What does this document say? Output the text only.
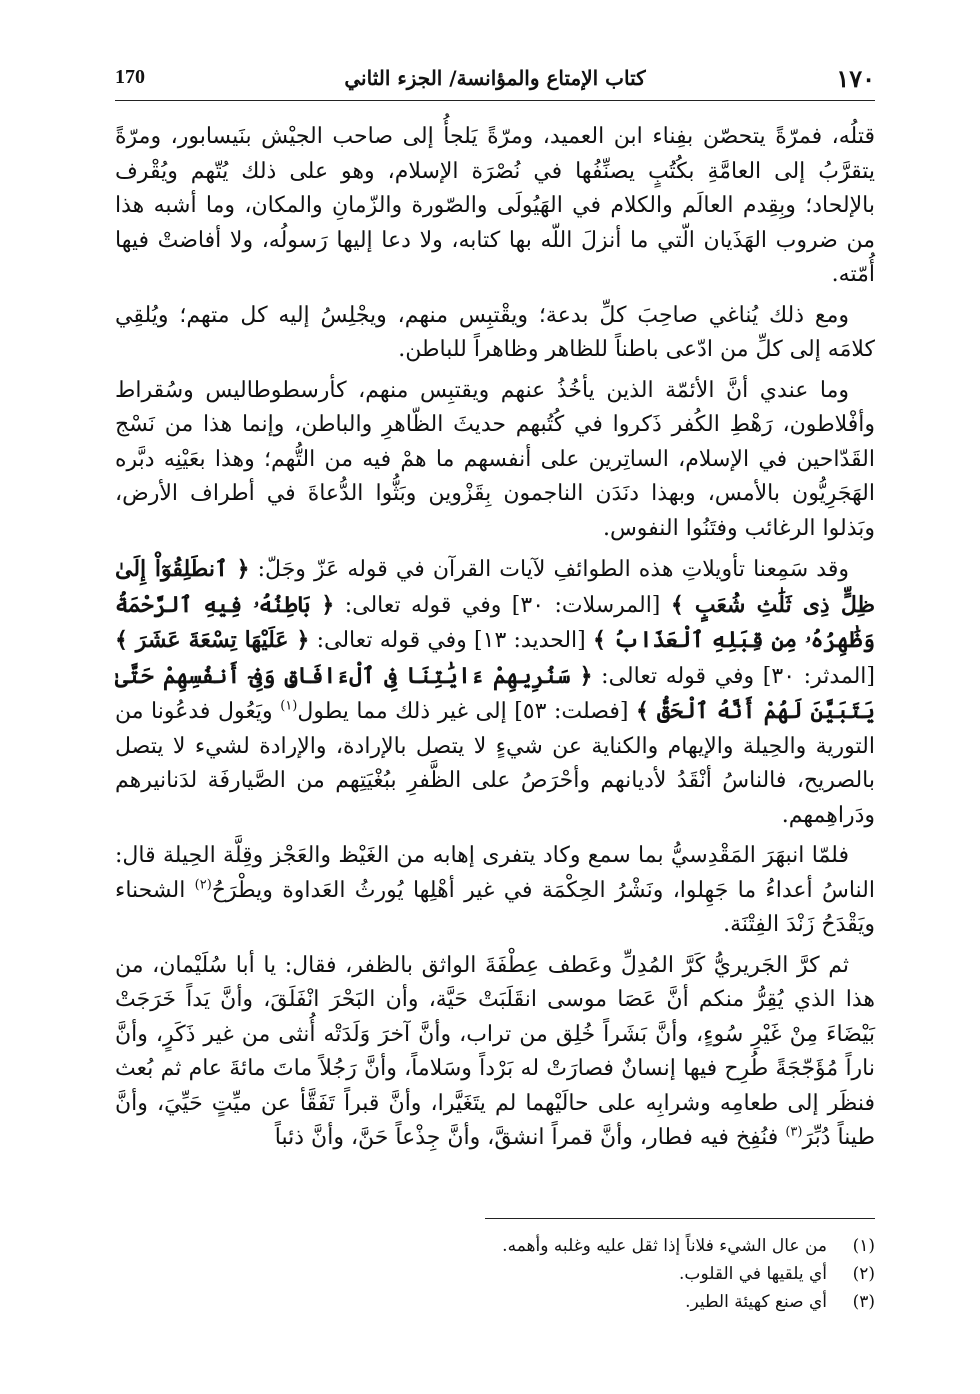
١٧٠
كتاب الإمتاع والمؤانسة/ الجزء الثاني
170

قتلُه، فمرّةً يتحصّن بفِناء ابن العميد، ومرّةً يَلجأُ إلى صاحب الجيْش بنَيسابور، ومرّةً يتقرَّبُ إلى العامَّةِ بكُتُبٍ يصنِّفُها في نُصْرَة الإسلام، وهو على ذلك يُتّهم ويُقْرف بالإلحاد؛ وبِقِدم العالَم والكلام في الهَيُولَى والصّورة والزّمانِ والمكان، وما أشبه هذا من ضروب الهَذَيان الّتي ما أنزلَ اللّه بها كتابه، ولا دعا إليها رَسولُه، ولا أفاضتْ فيها أُمّته.

ومع ذلك يُناغي صاحِبَ كلِّ بدعة؛ ويقْتبِس منهم، ويجْلِسُ إليه كل متهم؛ ويُلقِي كلامَه إلى كلِّ من ادّعى باطناً للظاهر وظاهراً للباطن.

وما عندي أنَّ الأئمّة الذين يأخُذُ عنهم ويقتبِس منهم، كأرسطوطاليس وسُقراط وأفْلاطون، رَهْطِ الكُفر ذَكروا في كُتُبهم حديثَ الظّاهرِ والباطن، وإنما هذا من نَسْج القَدّاحين في الإسلام، الساتِرين على أنفسهم ما همْ فيه من التُّهم؛ وهذا بعَيْنِه دبَّره الهَجَرِيُّون بالأمس، وبهذا دنَدَن الناجمون بِقَزْوين وبَثُّوا الدُّعاةَ في أطراف الأرض، وبَذلوا الرغائب وفتَنُوا النفوس.

وقد سَمِعنا تأويلاتِ هذه الطوائفِ لآيات القرآن في قوله عَزّ وجَلّ: ﴿ ٱنطَلِقُوٓاْ إِلَىٰ ظِلٍّ ذِى ثَلَٰثِ شُعَبٍ ﴾ [المرسلات: ٣٠] وفي قوله تعالى: ﴿ بَاطِنُهُۥ فِيهِ ٱلرَّحْمَةُ وَظَٰهِرُهُۥ مِن قِبَلِهِ ٱلْعَذَابُ ﴾ [الحديد: ١٣] وفي قوله تعالى: ﴿ عَلَيْهَا تِسْعَةَ عَشَرَ ﴾ [المدثر: ٣٠] وفي قوله تعالى: ﴿ سَنُرِيهِمْ ءَايَٰتِنَا فِى ٱلْءَافَاقِ وَفِىٓ أَنفُسِهِمْ حَتَّىٰ يَتَبَيَّنَ لَهُمْ أَنَّهُ ٱلْحَقُّ ﴾ [فصلت: ٥٣] إلى غير ذلك مما يطول$^{(١)}$ ويَعُول فدعُونا من التورية والحِيلة والإيهام والكناية عن شيءٍ لا يتصل بالإرادة، والإرادة لشيء لا يتصل بالصريح، فالناسُ أنْقَدُ لأديانهم وأحْرَصُ على الظَّفرِ ببُغْيَتِهم من الصَّيارفَة لدَنانيرهم ودَراهِمهم.

فلمّا انبهَرَ المَقْدِسيُّ بما سمع وكاد يتفرى إهابه من الغَيْظ والعَجْز وقِلَّة الحِيلة قال: الناسُ أعداءُ ما جَهِلوا، ونَشْرُ الحِكْمَة في غير أهْلِها يُورثُ العَداوة ويطْرَحُ$^{(٢)}$ الشحناء ويَقْدَحُ زَنْدَ الفِتْنَة.

ثم كرَّ الجَريريُّ كَرَّ المُدِلِّ وعَطف عِطْفَةَ الواثق بالظفر، فقال: يا أبا سُلَيْمان، من هذا الذي يُقِرُّ منكم أنَّ عَصَا موسى انقَلَبَتْ حَيَّة، وأن البَحْرَ انْفَلَقَ، وأنَّ يَداً خَرَجَتْ بَيْضَاءَ مِنْ غَيْرِ سُوءٍ، وأنَّ بَشَراً خُلِق من تراب، وأنَّ آخرَ وَلَدَتْه أُنثى من غير ذَكَرٍ، وأنَّ ناراً مُؤَجّجَةً طُرِح فيها إنسانٌ فصارَتْ له بَرْداً وسَلاماً، وأنَّ رَجُلاً ماتَ مائةَ عام ثم بُعث فنظَر إلى طعامِه وشرابِه على حالَيْهما لم يتَغَيَّرا، وأنَّ قبراً تَفَقَّأ عن ميِّتٍ حَيِّيَ، وأنَّ طيناً دُبِّرَ$^{(٣)}$ فنُفِخ فيه فطار، وأنَّ قمراً انشقَّ، وأنَّ جِذْعاً حَنَّ، وأنَّ ذئباً

(١)
من عال الشيء فلاناً إذا ثقل عليه وغلبه وأهمه.
(٢)
أي يلقيها في القلوب.
(٣)
أي صنع كهيئة الطير.
